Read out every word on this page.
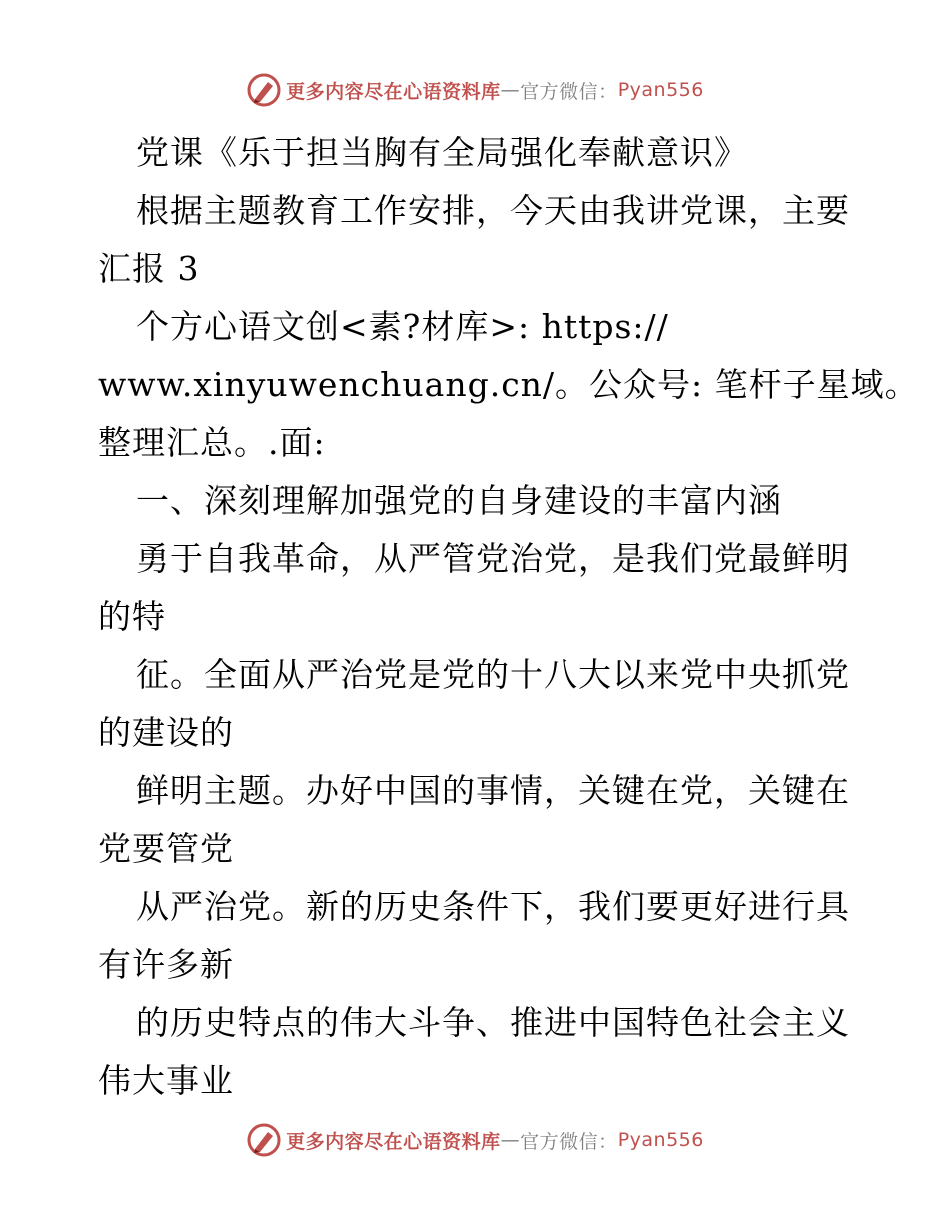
更多内容尽在心语资料库 — 官方微信： Pyan556
党课《乐于担当胸有全局强化奉献意识》
根据主题教育工作安排，今天由我讲党课，主要
汇报 3
个方心语文创<素?材库>: https://
www.xinyuwenchuang.cn/。公众号: 笔杆子星域。
整理汇总。.面:
一、深刻理解加强党的自身建设的丰富内涵
勇于自我革命，从严管党治党，是我们党最鲜明
的特
征。全面从严治党是党的十八大以来党中央抓党
的建设的
鲜明主题。办好中国的事情，关键在党，关键在
党要管党
从严治党。新的历史条件下，我们要更好进行具
有许多新
的历史特点的伟大斗争、推进中国特色社会主义
伟大事业
更多内容尽在心语资料库 — 官方微信： Pyan556
